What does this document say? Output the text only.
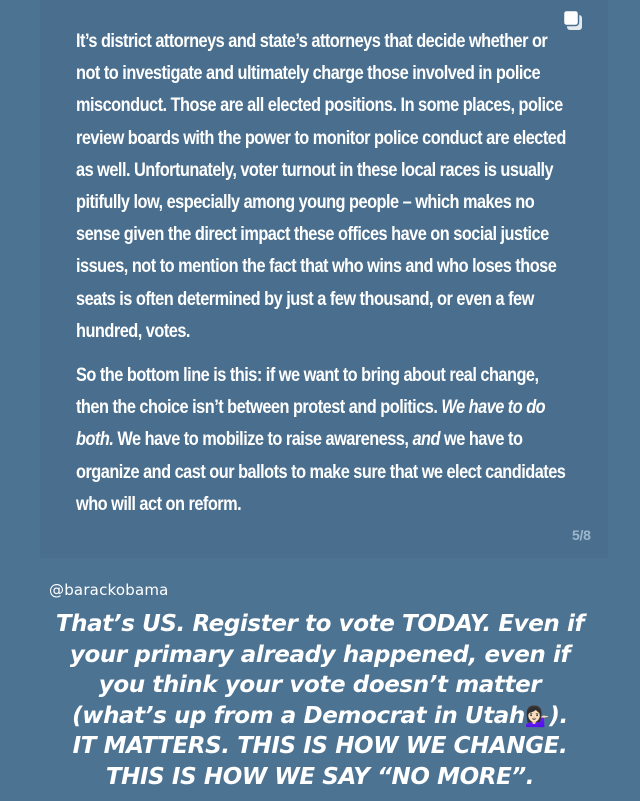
It’s district attorneys and state’s attorneys that decide whether or not to investigate and ultimately charge those involved in police misconduct. Those are all elected positions. In some places, police review boards with the power to monitor police conduct are elected as well. Unfortunately, voter turnout in these local races is usually pitifully low, especially among young people – which makes no sense given the direct impact these offices have on social justice issues, not to mention the fact that who wins and who loses those seats is often determined by just a few thousand, or even a few hundred, votes.

So the bottom line is this: if we want to bring about real change, then the choice isn’t between protest and politics. We have to do both. We have to mobilize to raise awareness, and we have to organize and cast our ballots to make sure that we elect candidates who will act on reform.

5/8
@barackobama
That’s US. Register to vote TODAY. Even if
your primary already happened, even if
you think your vote doesn’t matter
(what’s up from a Democrat in Utah💁🏻‍♀️).
IT MATTERS. THIS IS HOW WE CHANGE.
THIS IS HOW WE SAY “NO MORE”.
